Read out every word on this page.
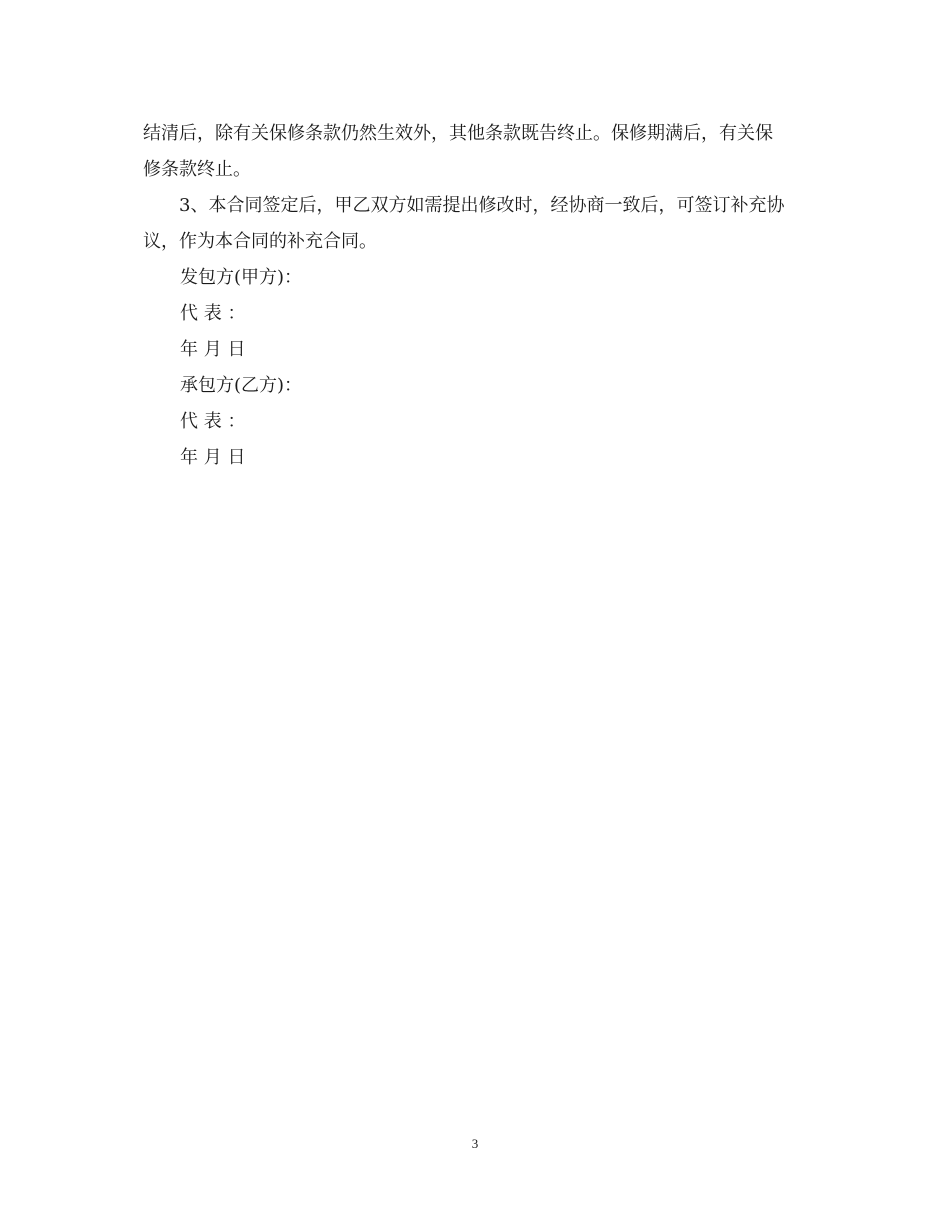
结清后，除有关保修条款仍然生效外，其他条款既告终止。保修期满后，有关保
修条款终止。

3、本合同签定后，甲乙双方如需提出修改时，经协商一致后，可签订补充协
议，作为本合同的补充合同。

发包方(甲方)：

代 表 ：

年 月 日

承包方(乙方)：

代 表 ：

年 月 日

3
